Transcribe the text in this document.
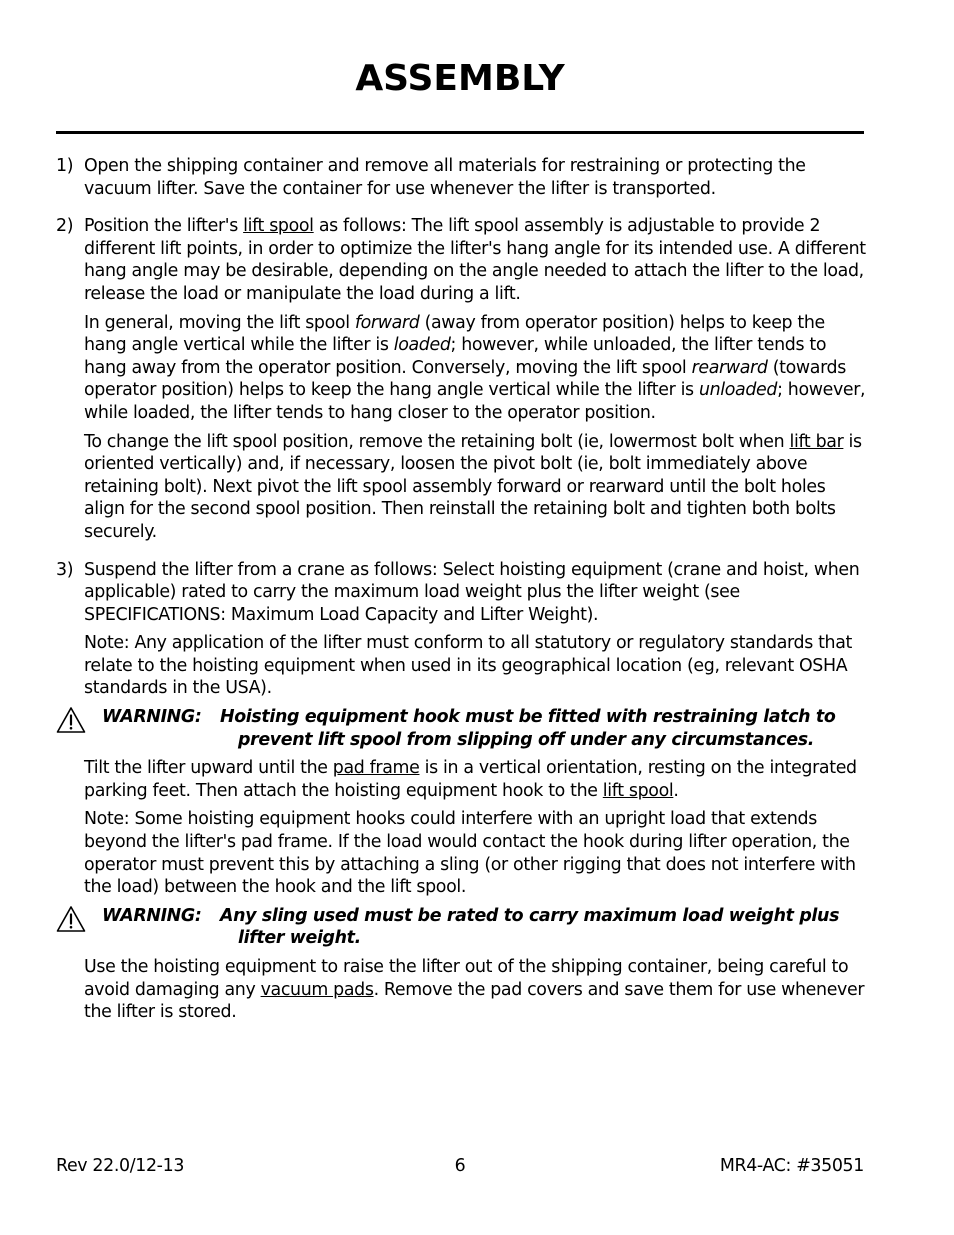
ASSEMBLY
1) Open the shipping container and remove all materials for restraining or protecting the vacuum lifter. Save the container for use whenever the lifter is transported.

2) Position the lifter's lift spool as follows: The lift spool assembly is adjustable to provide 2 different lift points, in order to optimize the lifter's hang angle for its intended use. A different hang angle may be desirable, depending on the angle needed to attach the lifter to the load, release the load or manipulate the load during a lift.

In general, moving the lift spool forward (away from operator position) helps to keep the hang angle vertical while the lifter is loaded; however, while unloaded, the lifter tends to hang away from the operator position. Conversely, moving the lift spool rearward (towards operator position) helps to keep the hang angle vertical while the lifter is unloaded; however, while loaded, the lifter tends to hang closer to the operator position.

To change the lift spool position, remove the retaining bolt (ie, lowermost bolt when lift bar is oriented vertically) and, if necessary, loosen the pivot bolt (ie, bolt immediately above retaining bolt). Next pivot the lift spool assembly forward or rearward until the bolt holes align for the second spool position. Then reinstall the retaining bolt and tighten both bolts securely.

3) Suspend the lifter from a crane as follows: Select hoisting equipment (crane and hoist, when applicable) rated to carry the maximum load weight plus the lifter weight (see SPECIFICATIONS: Maximum Load Capacity and Lifter Weight).

Note: Any application of the lifter must conform to all statutory or regulatory standards that relate to the hoisting equipment when used in its geographical location (eg, relevant OSHA standards in the USA).

WARNING: Hoisting equipment hook must be fitted with restraining latch to
prevent lift spool from slipping off under any circumstances.

Tilt the lifter upward until the pad frame is in a vertical orientation, resting on the integrated parking feet. Then attach the hoisting equipment hook to the lift spool.

Note: Some hoisting equipment hooks could interfere with an upright load that extends beyond the lifter's pad frame. If the load would contact the hook during lifter operation, the operator must prevent this by attaching a sling (or other rigging that does not interfere with the load) between the hook and the lift spool.

WARNING: Any sling used must be rated to carry maximum load weight plus
lifter weight.

Use the hoisting equipment to raise the lifter out of the shipping container, being careful to avoid damaging any vacuum pads. Remove the pad covers and save them for use whenever the lifter is stored.

Rev 22.0/12-13	6	MR4-AC: #35051
